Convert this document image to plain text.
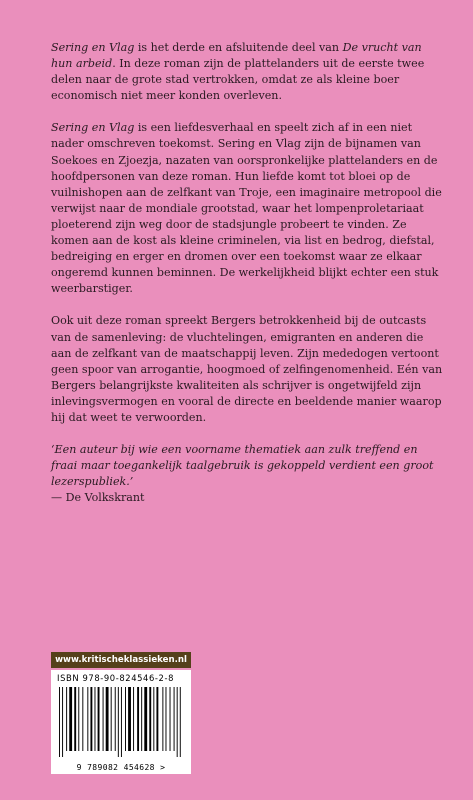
Sering en Vlag is het derde en afsluitende deel van De vrucht van hun arbeid. In deze roman zijn de plattelanders uit de eerste twee delen naar de grote stad vertrokken, omdat ze als kleine boer economisch niet meer konden overleven.

Sering en Vlag is een liefdesverhaal en speelt zich af in een niet nader omschreven toekomst. Sering en Vlag zijn de bijnamen van Soekoes en Zjoezja, nazaten van oorspronkelijke plattelanders en de hoofdpersonen van deze roman. Hun liefde komt tot bloei op de vuilnishopen aan de zelfkant van Troje, een imaginaire metropool die verwijst naar de mondiale grootstad, waar het lompenproletariaat ploeterend zijn weg door de stadsjungle probeert te vinden. Ze komen aan de kost als kleine criminelen, via list en bedrog, diefstal, bedreiging en erger en dromen over een toekomst waar ze elkaar ongeremd kunnen beminnen. De werkelijkheid blijkt echter een stuk weerbarstiger.

Ook uit deze roman spreekt Bergers betrokkenheid bij de outcasts van de samenleving: de vluchtelingen, emigranten en anderen die aan de zelfkant van de maatschappij leven. Zijn mededogen vertoont geen spoor van arrogantie, hoogmoed of zelfingenomenheid. Eén van Bergers belangrijkste kwaliteiten als schrijver is ongetwijfeld zijn inlevingsvermogen en vooral de directe en beeldende manier waarop hij dat weet te verwoorden.

‘Een auteur bij wie een voorname thematiek aan zulk treffend en fraai maar toegankelijk taalgebruik is gekoppeld verdient een groot lezerspubliek.’

— De Volkskrant

www.kritischeklassieken.nl
ISBN 978-90-824546-2-8
9 789082 454628 >
